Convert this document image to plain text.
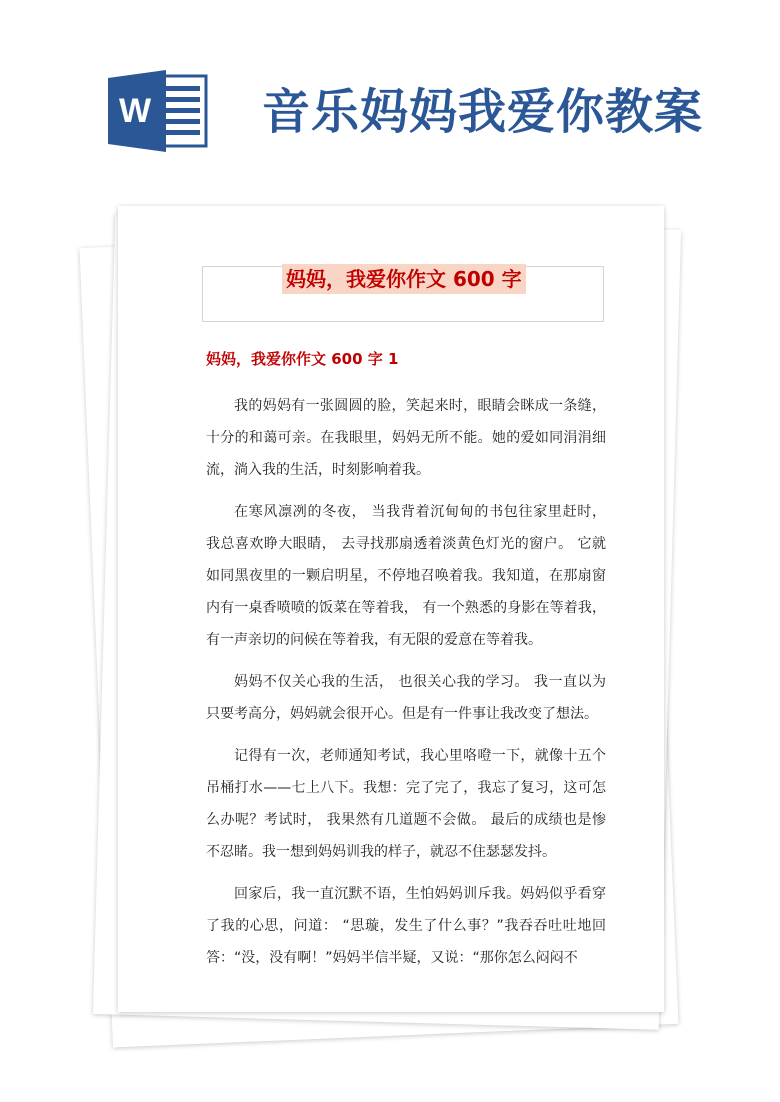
W 音乐妈妈我爱你教案
妈妈，我爱你作文 600 字
妈妈，我爱你作文 600 字 1

我的妈妈有一张圆圆的脸，笑起来时，眼睛会眯成一条缝，十分的和蔼可亲。在我眼里，妈妈无所不能。她的爱如同涓涓细流，淌入我的生活，时刻影响着我。

在寒风凛冽的冬夜， 当我背着沉甸甸的书包往家里赶时， 我总喜欢睁大眼睛， 去寻找那扇透着淡黄色灯光的窗户。 它就如同黑夜里的一颗启明星，不停地召唤着我。我知道，在那扇窗内有一桌香喷喷的饭菜在等着我， 有一个熟悉的身影在等着我， 有一声亲切的问候在等着我，有无限的爱意在等着我。

妈妈不仅关心我的生活， 也很关心我的学习。 我一直以为只要考高分，妈妈就会很开心。但是有一件事让我改变了想法。

记得有一次，老师通知考试，我心里咯噔一下，就像十五个吊桶打水——七上八下。我想：完了完了，我忘了复习，这可怎么办呢？考试时， 我果然有几道题不会做。 最后的成绩也是惨不忍睹。我一想到妈妈训我的样子，就忍不住瑟瑟发抖。

回家后，我一直沉默不语，生怕妈妈训斥我。妈妈似乎看穿了我的心思，问道： “思璇，发生了什么事？”我吞吞吐吐地回答：“没，没有啊！”妈妈半信半疑，又说：“那你怎么闷闷不
